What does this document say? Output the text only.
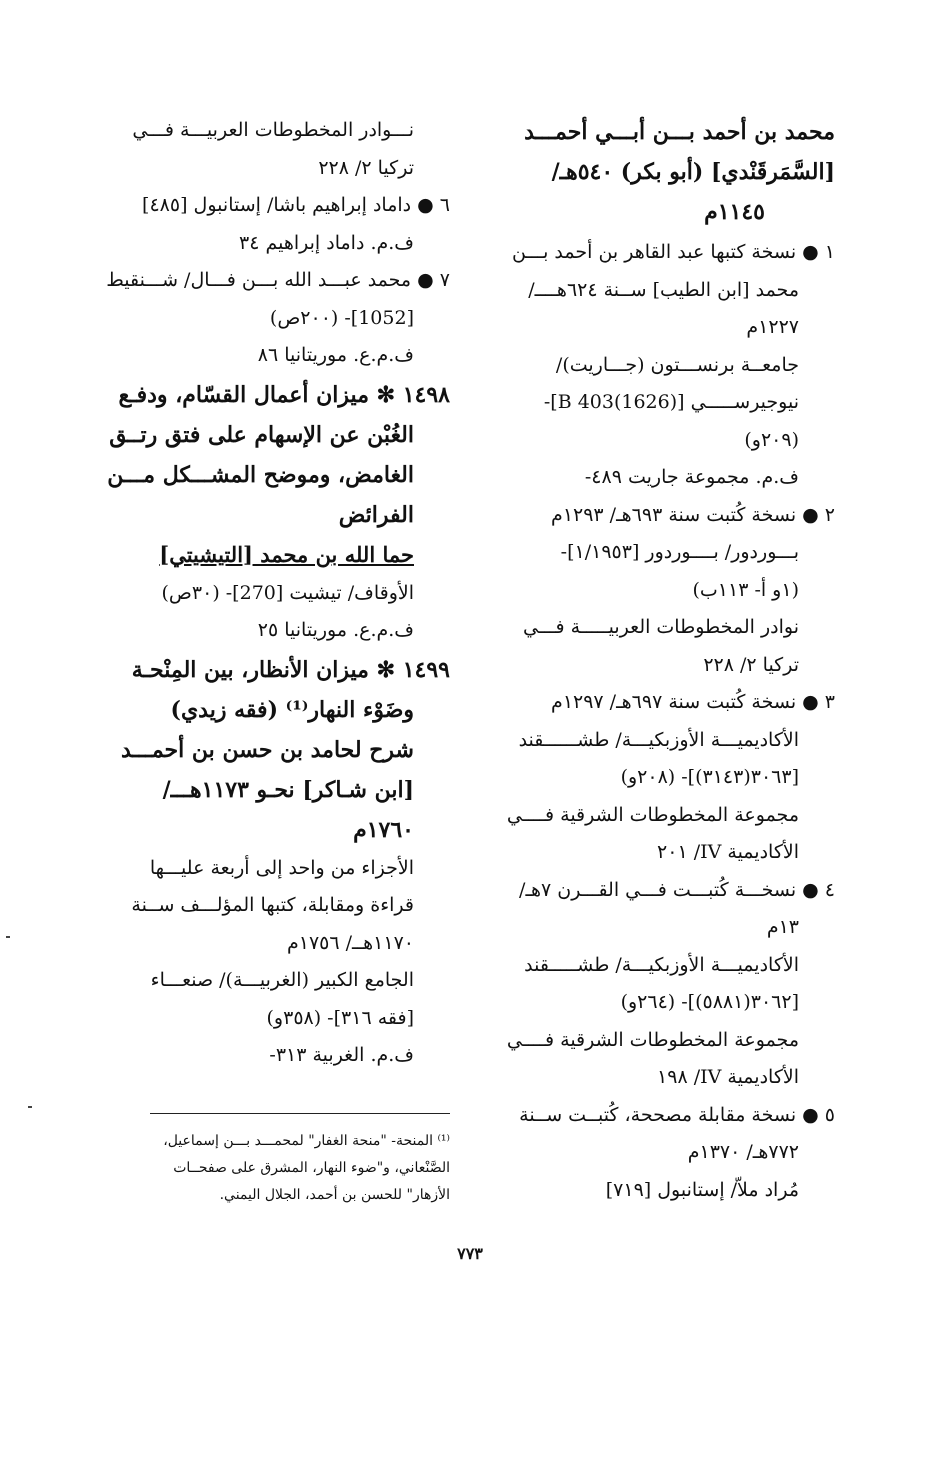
محمد بن أحمد بـــن أبـــي أحمـــد
[السَّمَرقَنْدي] (أبو بكر) ٥٤٠هـ/
١١٤٥م
١ ● نسخة كتبها عبد القاهر بن أحمد بـــن
محمد [ابن الطيب] ســنة ٦٢٤هــــ/
١٢٢٧م
جامعــة برنســـتون (جـــاريت)/
نيوجيرســـــي [B 403(1626)]-
(٢٠٩و)
ف.م. مجموعة جاريت ٤٨٩-
٢ ● نسخة كُتبت سنة ٦٩٣هـ/ ١٢٩٣م
بـــوردور/ بــــوردور [١/١٩٥٣]-
(١و أ- ١١٣ب)
نوادر المخطوطات العربيـــــة فـــي
تركيا ٢/ ٢٢٨
٣ ● نسخة كُتبت سنة ٦٩٧هـ/ ١٢٩٧م
الأكاديميـــة الأوزبكيـــة/ طشــــــقند
[٣٠٦٣(٣١٤٣)]- (٢٠٨و)
مجموعة المخطوطات الشرقية فــــي
الأكاديمية IV/ ٢٠١
٤ ● نسخـــة كُتبـــت فـــي القـــرن ٧هـ/
١٣م
الأكاديميـــة الأوزبكيـــة/ طشـــــقند
[٣٠٦٢(٥٨٨١)]- (٢٦٤و)
مجموعة المخطوطات الشرقية فــــي
الأكاديمية IV/ ١٩٨
٥ ● نسخة مقابلة مصححة، كُتبــت ســنة
٧٧٢هـ/ ١٣٧٠م
مُراد ملاّ/ إستانبول [٧١٩]
نـــوادر المخطوطات العربيـــة فـــي
تركيا ٢/ ٢٢٨
٦ ● داماد إبراهيم باشا/ إستانبول [٤٨٥]
ف.م. داماد إبراهيم ٣٤
٧ ● محمد عبـــد الله بـــن فـــال/ شـــنقيط
[1052]- (٢٠٠ص)
ف.م.ع. موريتانيا ٨٦
١٤٩٨ ✻ ميزان أعمال القسّام، ودفـع
الغُبْن عن الإسهام على فتق رتــق
الغامض، وموضح المشـــكل مـــن
الفرائض
حما الله بن محمد [التيشيتي]
الأوقاف/ تيشيت [270]- (٣٠ص)
ف.م.ع. موريتانيا ٢٥
١٤٩٩ ✻ ميزان الأنظار، بين المِنْحـة
وضَوْء النهار⁽¹⁾ (فقه زيدي)
شرح لحامد بن حسن بن أحمـــد
[ابن شـاكر] نحـو ١١٧٣هـــ/
١٧٦٠م
الأجزاء من واحد إلى أربعة عليـــها
قراءة ومقابلة، كتبها المؤلـــف ســنة
١١٧٠هــ/ ١٧٥٦م
الجامع الكبير (الغربيـــة)/ صنعـــاء
[فقه ٣١٦]- (٣٥٨و)
ف.م. الغربية ٣١٣-
⁽¹⁾ المنحة- "منحة الغفار" لمحمـــد بـــن إسماعيل،
الصَّنْعاني، و"ضوء النهار، المشرق على صفحــات
الأزهار" للحسن بن أحمد، الجلال اليمني.
٧٧٣
